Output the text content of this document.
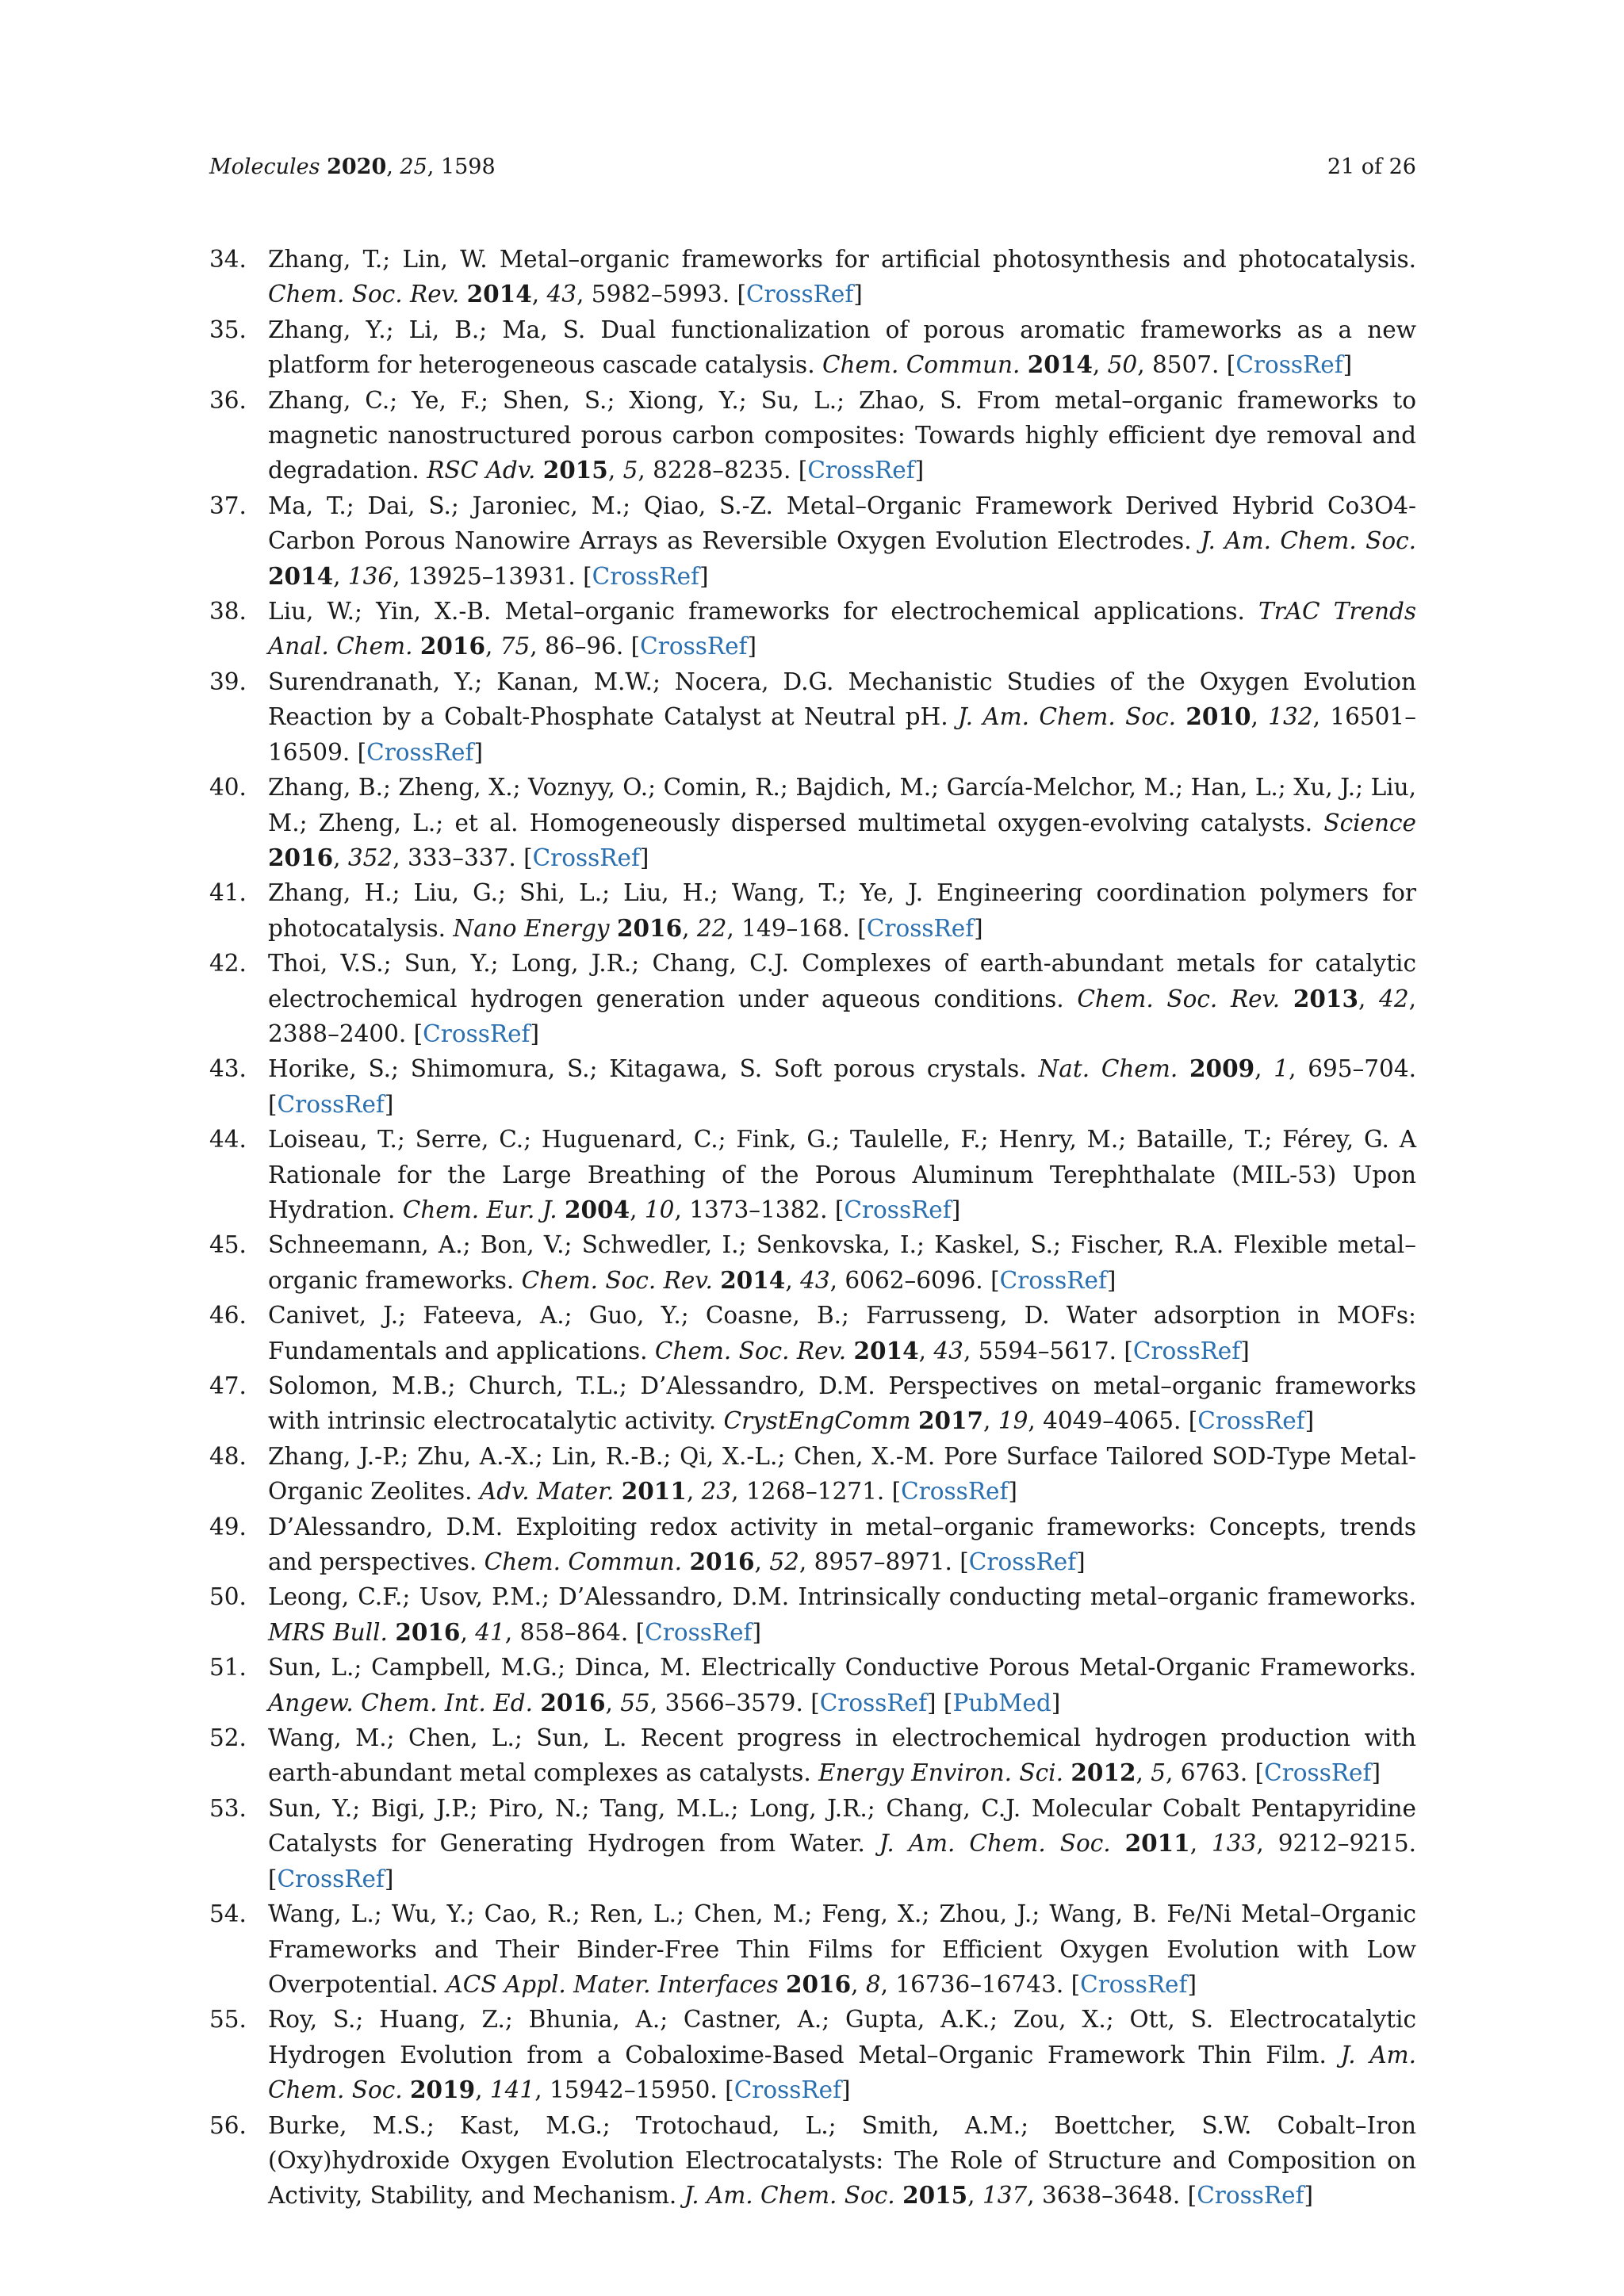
Molecules 2020, 25, 1598	21 of 26
34. Zhang, T.; Lin, W. Metal–organic frameworks for artificial photosynthesis and photocatalysis. Chem. Soc. Rev. 2014, 43, 5982–5993. [CrossRef]
35. Zhang, Y.; Li, B.; Ma, S. Dual functionalization of porous aromatic frameworks as a new platform for heterogeneous cascade catalysis. Chem. Commun. 2014, 50, 8507. [CrossRef]
36. Zhang, C.; Ye, F.; Shen, S.; Xiong, Y.; Su, L.; Zhao, S. From metal–organic frameworks to magnetic nanostructured porous carbon composites: Towards highly efficient dye removal and degradation. RSC Adv. 2015, 5, 8228–8235. [CrossRef]
37. Ma, T.; Dai, S.; Jaroniec, M.; Qiao, S.-Z. Metal–Organic Framework Derived Hybrid Co3O4-Carbon Porous Nanowire Arrays as Reversible Oxygen Evolution Electrodes. J. Am. Chem. Soc. 2014, 136, 13925–13931. [CrossRef]
38. Liu, W.; Yin, X.-B. Metal–organic frameworks for electrochemical applications. TrAC Trends Anal. Chem. 2016, 75, 86–96. [CrossRef]
39. Surendranath, Y.; Kanan, M.W.; Nocera, D.G. Mechanistic Studies of the Oxygen Evolution Reaction by a Cobalt-Phosphate Catalyst at Neutral pH. J. Am. Chem. Soc. 2010, 132, 16501–16509. [CrossRef]
40. Zhang, B.; Zheng, X.; Voznyy, O.; Comin, R.; Bajdich, M.; García-Melchor, M.; Han, L.; Xu, J.; Liu, M.; Zheng, L.; et al. Homogeneously dispersed multimetal oxygen-evolving catalysts. Science 2016, 352, 333–337. [CrossRef]
41. Zhang, H.; Liu, G.; Shi, L.; Liu, H.; Wang, T.; Ye, J. Engineering coordination polymers for photocatalysis. Nano Energy 2016, 22, 149–168. [CrossRef]
42. Thoi, V.S.; Sun, Y.; Long, J.R.; Chang, C.J. Complexes of earth-abundant metals for catalytic electrochemical hydrogen generation under aqueous conditions. Chem. Soc. Rev. 2013, 42, 2388–2400. [CrossRef]
43. Horike, S.; Shimomura, S.; Kitagawa, S. Soft porous crystals. Nat. Chem. 2009, 1, 695–704. [CrossRef]
44. Loiseau, T.; Serre, C.; Huguenard, C.; Fink, G.; Taulelle, F.; Henry, M.; Bataille, T.; Férey, G. A Rationale for the Large Breathing of the Porous Aluminum Terephthalate (MIL-53) Upon Hydration. Chem. Eur. J. 2004, 10, 1373–1382. [CrossRef]
45. Schneemann, A.; Bon, V.; Schwedler, I.; Senkovska, I.; Kaskel, S.; Fischer, R.A. Flexible metal–organic frameworks. Chem. Soc. Rev. 2014, 43, 6062–6096. [CrossRef]
46. Canivet, J.; Fateeva, A.; Guo, Y.; Coasne, B.; Farrusseng, D. Water adsorption in MOFs: Fundamentals and applications. Chem. Soc. Rev. 2014, 43, 5594–5617. [CrossRef]
47. Solomon, M.B.; Church, T.L.; D’Alessandro, D.M. Perspectives on metal–organic frameworks with intrinsic electrocatalytic activity. CrystEngComm 2017, 19, 4049–4065. [CrossRef]
48. Zhang, J.-P.; Zhu, A.-X.; Lin, R.-B.; Qi, X.-L.; Chen, X.-M. Pore Surface Tailored SOD-Type Metal-Organic Zeolites. Adv. Mater. 2011, 23, 1268–1271. [CrossRef]
49. D’Alessandro, D.M. Exploiting redox activity in metal–organic frameworks: Concepts, trends and perspectives. Chem. Commun. 2016, 52, 8957–8971. [CrossRef]
50. Leong, C.F.; Usov, P.M.; D’Alessandro, D.M. Intrinsically conducting metal–organic frameworks. MRS Bull. 2016, 41, 858–864. [CrossRef]
51. Sun, L.; Campbell, M.G.; Dinca, M. Electrically Conductive Porous Metal-Organic Frameworks. Angew. Chem. Int. Ed. 2016, 55, 3566–3579. [CrossRef] [PubMed]
52. Wang, M.; Chen, L.; Sun, L. Recent progress in electrochemical hydrogen production with earth-abundant metal complexes as catalysts. Energy Environ. Sci. 2012, 5, 6763. [CrossRef]
53. Sun, Y.; Bigi, J.P.; Piro, N.; Tang, M.L.; Long, J.R.; Chang, C.J. Molecular Cobalt Pentapyridine Catalysts for Generating Hydrogen from Water. J. Am. Chem. Soc. 2011, 133, 9212–9215. [CrossRef]
54. Wang, L.; Wu, Y.; Cao, R.; Ren, L.; Chen, M.; Feng, X.; Zhou, J.; Wang, B. Fe/Ni Metal–Organic Frameworks and Their Binder-Free Thin Films for Efficient Oxygen Evolution with Low Overpotential. ACS Appl. Mater. Interfaces 2016, 8, 16736–16743. [CrossRef]
55. Roy, S.; Huang, Z.; Bhunia, A.; Castner, A.; Gupta, A.K.; Zou, X.; Ott, S. Electrocatalytic Hydrogen Evolution from a Cobaloxime-Based Metal–Organic Framework Thin Film. J. Am. Chem. Soc. 2019, 141, 15942–15950. [CrossRef]
56. Burke, M.S.; Kast, M.G.; Trotochaud, L.; Smith, A.M.; Boettcher, S.W. Cobalt–Iron (Oxy)hydroxide Oxygen Evolution Electrocatalysts: The Role of Structure and Composition on Activity, Stability, and Mechanism. J. Am. Chem. Soc. 2015, 137, 3638–3648. [CrossRef]
